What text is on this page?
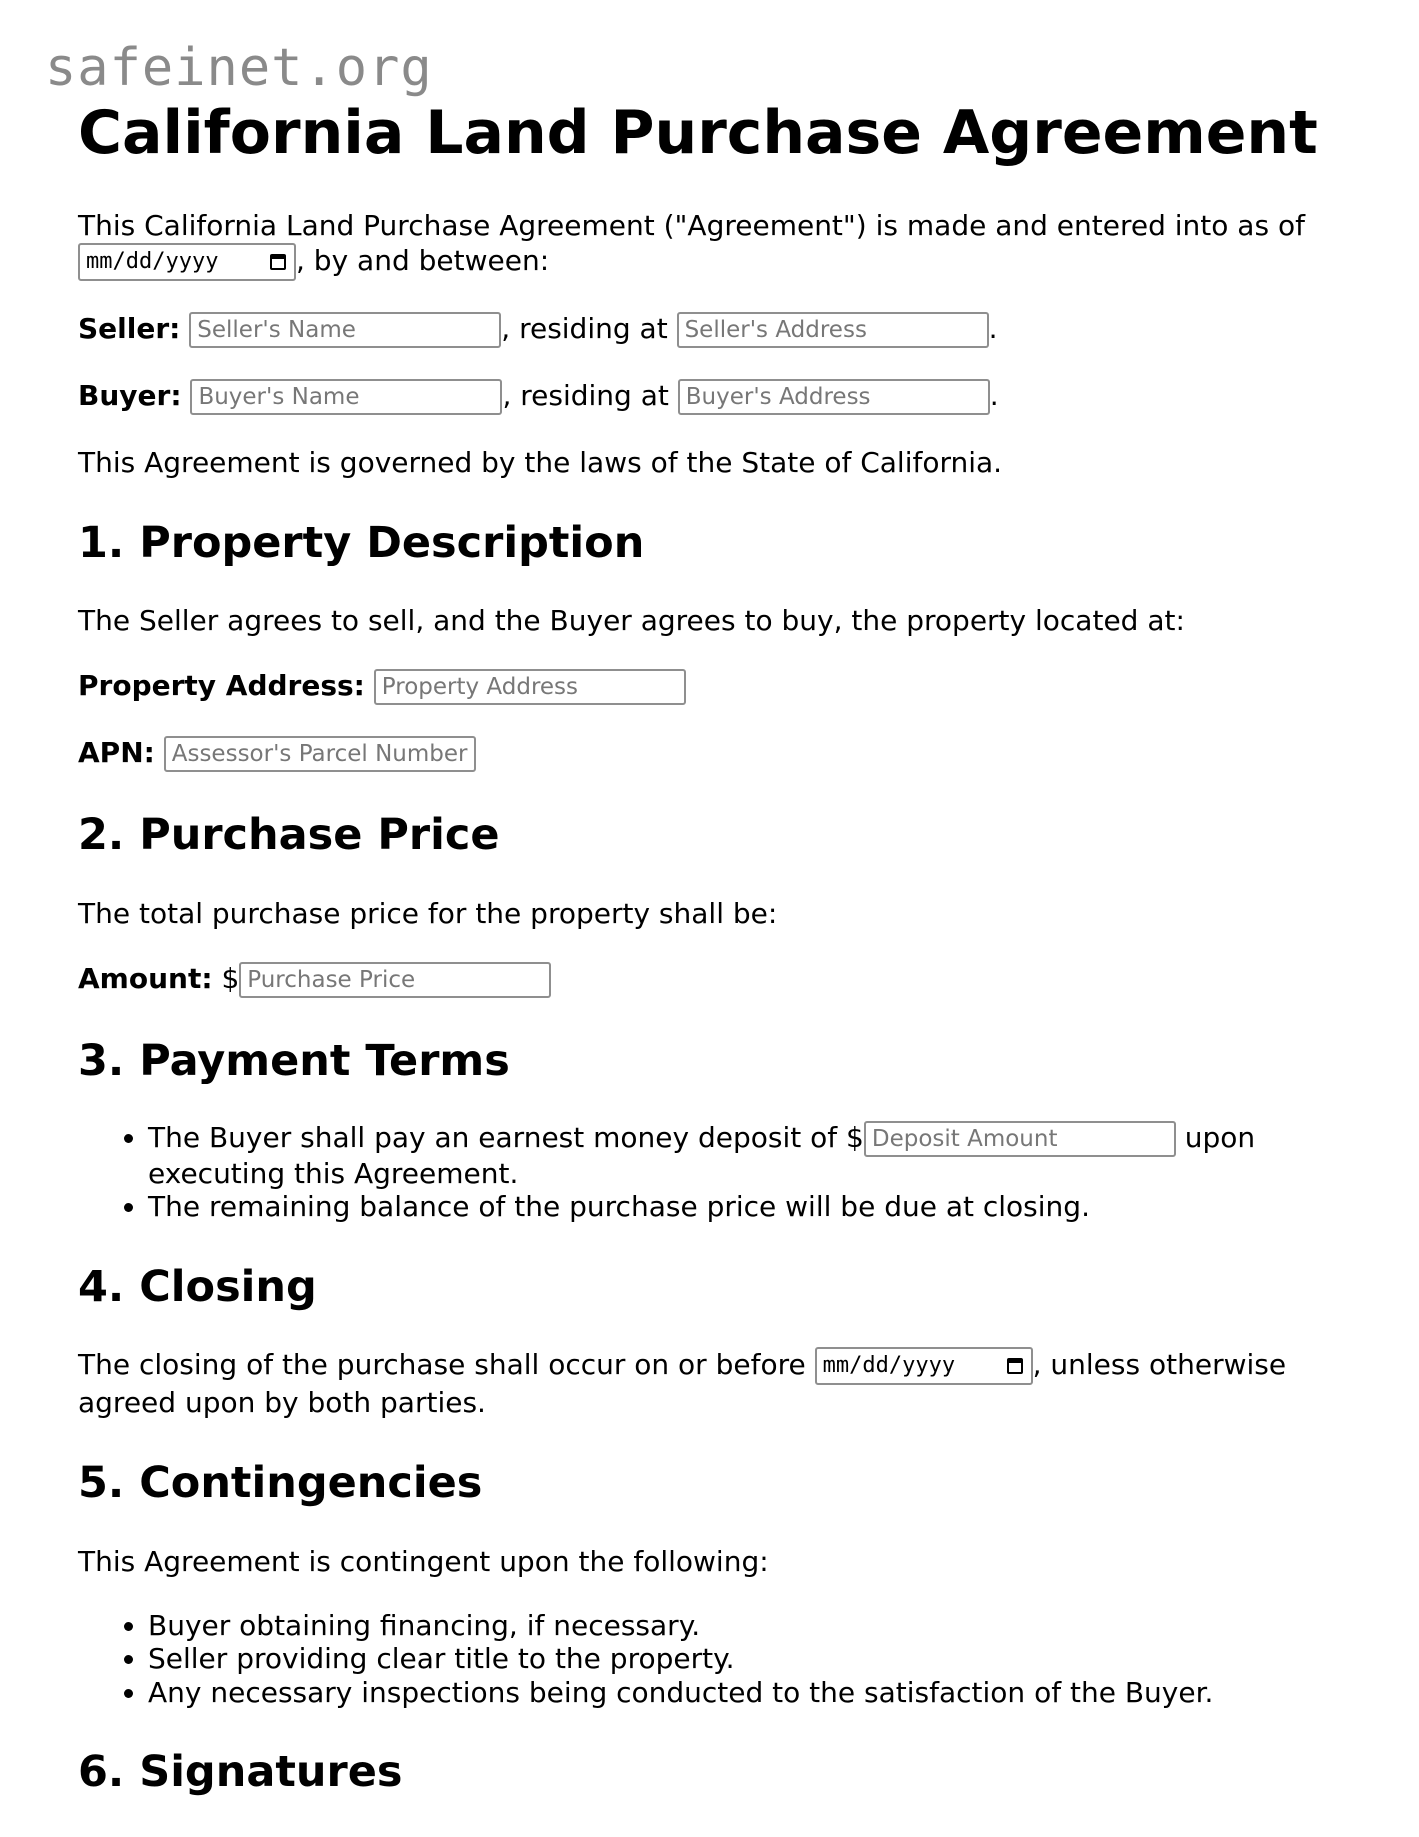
safeinet.org
California Land Purchase Agreement

This California Land Purchase Agreement ("Agreement") is made and entered into as of mm/dd/yyyy	, by and between:

Seller: Seller's Name	, residing at Seller's Address	.

Buyer: Buyer's Name	, residing at Buyer's Address	.

This Agreement is governed by the laws of the State of California.

1. Property Description

The Seller agrees to sell, and the Buyer agrees to buy, the property located at:

Property Address: Property Address

APN: Assessor's Parcel Number

2. Purchase Price

The total purchase price for the property shall be:

Amount: $ Purchase Price

3. Payment Terms
• The Buyer shall pay an earnest money deposit of $ Deposit Amount	upon executing this Agreement.
• The remaining balance of the purchase price will be due at closing.
4. Closing

The closing of the purchase shall occur on or before mm/dd/yyyy	, unless otherwise agreed upon by both parties.

5. Contingencies

This Agreement is contingent upon the following:

• Buyer obtaining financing, if necessary.
• Seller providing clear title to the property.
• Any necessary inspections being conducted to the satisfaction of the Buyer.
6. Signatures
